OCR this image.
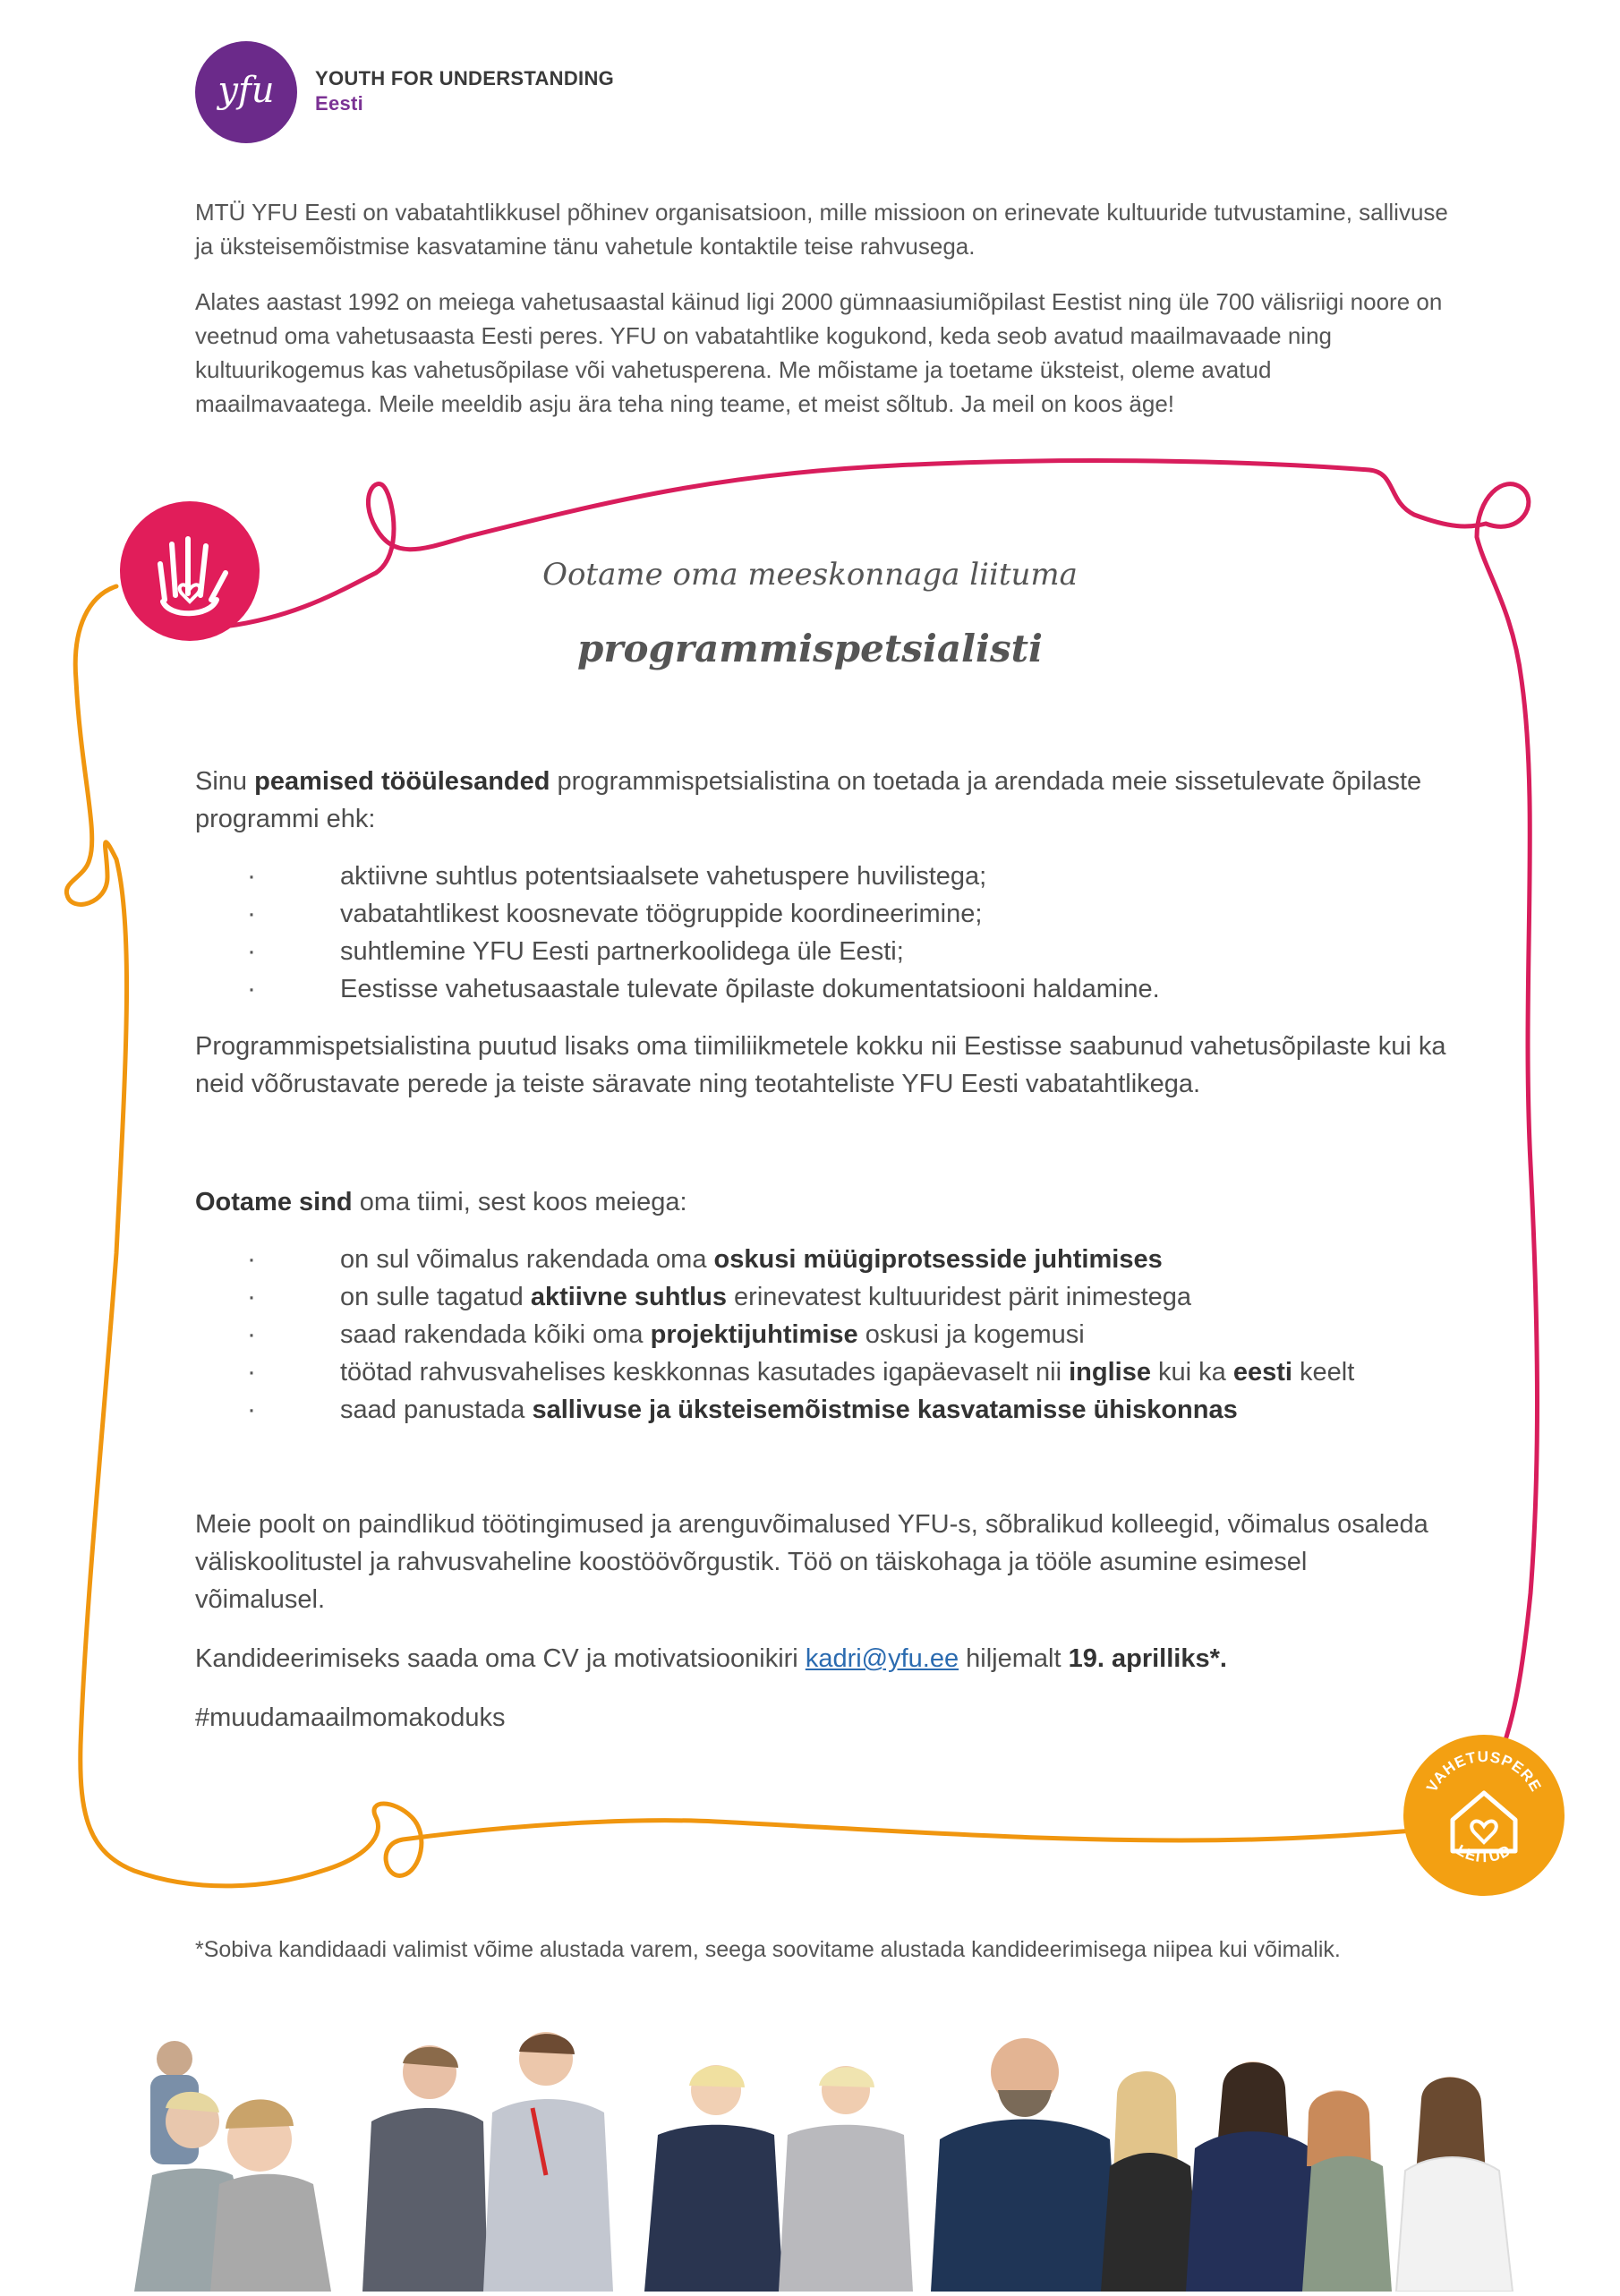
yfu YOUTH FOR UNDERSTANDING
Eesti
MTÜ YFU Eesti on vabatahtlikkusel põhinev organisatsioon, mille missioon on erinevate kultuuride tutvustamine, sallivuse ja üksteisemõistmise kasvatamine tänu vahetule kontaktile teise rahvusega.
Alates aastast 1992 on meiega vahetusaastal käinud ligi 2000 gümnaasiumiõpilast Eestist ning üle 700 välisriigi noore on veetnud oma vahetusaasta Eesti peres. YFU on vabatahtlike kogukond, keda seob avatud maailmavaade ning kultuurikogemus kas vahetusõpilase või vahetusperena. Me mõistame ja toetame üksteist, oleme avatud maailmavaatega. Meile meeldib asju ära teha ning teame, et meist sõltub. Ja meil on koos äge!
Ootame oma meeskonnaga liituma
programmispetsialisti
Sinu peamised tööülesanded programmispetsialistina on toetada ja arendada meie sissetulevate õpilaste programmi ehk:
· aktiivne suhtlus potentsiaalsete vahetuspere huvilistega;
· vabatahtlikest koosnevate töögruppide koordineerimine;
· suhtlemine YFU Eesti partnerkoolidega üle Eesti;
· Eestisse vahetusaastale tulevate õpilaste dokumentatsiooni haldamine.
Programmispetsialistina puutud lisaks oma tiimiliikmetele kokku nii Eestisse saabunud vahetusõpilaste kui ka neid võõrustavate perede ja teiste säravate ning teotahteliste YFU Eesti vabatahtlikega.
Ootame sind oma tiimi, sest koos meiega:
· on sul võimalus rakendada oma oskusi müügiprotsesside juhtimises
· on sulle tagatud aktiivne suhtlus erinevatest kultuuridest pärit inimestega
· saad rakendada kõiki oma projektijuhtimise oskusi ja kogemusi
· töötad rahvusvahelises keskkonnas kasutades igapäevaselt nii inglise kui ka eesti keelt
· saad panustada sallivuse ja üksteisemõistmise kasvatamisse ühiskonnas
Meie poolt on paindlikud töötingimused ja arenguvõimalused YFU-s, sõbralikud kolleegid, võimalus osaleda väliskoolitustel ja rahvusvaheline koostöövõrgustik. Töö on täiskohaga ja tööle asumine esimesel võimalusel.
Kandideerimiseks saada oma CV ja motivatsioonikiri kadri@yfu.ee hiljemalt 19. aprilliks*.
#muudamaailmomakoduks
VAHETUSPERE
LEITUD
*Sobiva kandidaadi valimist võime alustada varem, seega soovitame alustada kandideerimisega niipea kui võimalik.
